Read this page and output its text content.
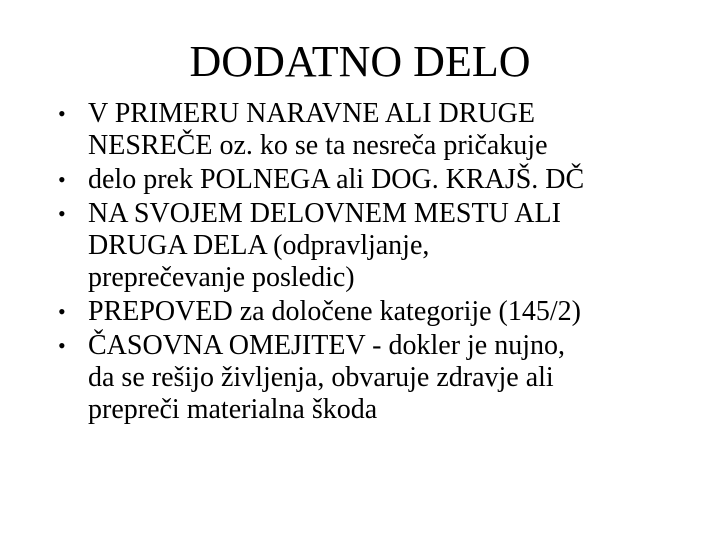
DODATNO DELO
• V PRIMERU NARAVNE ALI DRUGE
NESREČE oz. ko se ta nesreča pričakuje
• delo prek POLNEGA ali DOG. KRAJŠ. DČ
• NA SVOJEM DELOVNEM MESTU ALI
DRUGA DELA (odpravljanje,
preprečevanje posledic)
• PREPOVED za določene kategorije (145/2)
• ČASOVNA OMEJITEV - dokler je nujno,
da se rešijo življenja, obvaruje zdravje ali
prepreči materialna škoda
